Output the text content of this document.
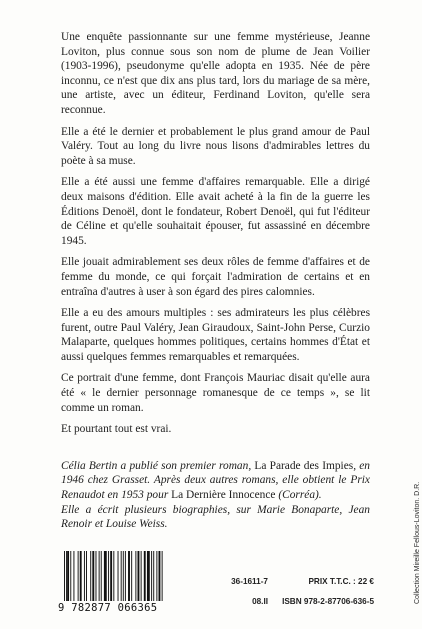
Une enquête passionnante sur une femme mystérieuse, Jeanne Loviton, plus connue sous son nom de plume de Jean Voilier (1903-1996), pseudonyme qu'elle adopta en 1935. Née de père inconnu, ce n'est que dix ans plus tard, lors du mariage de sa mère, une artiste, avec un éditeur, Ferdinand Loviton, qu'elle sera reconnue.

Elle a été le dernier et probablement le plus grand amour de Paul Valéry. Tout au long du livre nous lisons d'admirables lettres du poète à sa muse.

Elle a été aussi une femme d'affaires remarquable. Elle a dirigé deux maisons d'édition. Elle avait acheté à la fin de la guerre les Éditions Denoël, dont le fondateur, Robert Denoël, qui fut l'éditeur de Céline et qu'elle souhaitait épouser, fut assassiné en décembre 1945.

Elle jouait admirablement ses deux rôles de femme d'affaires et de femme du monde, ce qui forçait l'admiration de certains et en entraîna d'autres à user à son égard des pires calomnies.

Elle a eu des amours multiples : ses admirateurs les plus célèbres furent, outre Paul Valéry, Jean Giraudoux, Saint-John Perse, Curzio Malaparte, quelques hommes politiques, certains hommes d'État et aussi quelques femmes remarquables et remarquées.

Ce portrait d'une femme, dont François Mauriac disait qu'elle aura été « le dernier personnage romanesque de ce temps », se lit comme un roman.

Et pourtant tout est vrai.

Célia Bertin a publié son premier roman, La Parade des Impies, en 1946 chez Grasset. Après deux autres romans, elle obtient le Prix Renaudot en 1953 pour La Dernière Innocence (Corréa).

Elle a écrit plusieurs biographies, sur Marie Bonaparte, Jean Renoir et Louise Weiss.	Collection Mireille Fellous-Loviton. D.R.
9 782877 066365
36-1611-7
08.II
PRIX T.T.C. : 22 €
ISBN 978-2-87706-636-5
